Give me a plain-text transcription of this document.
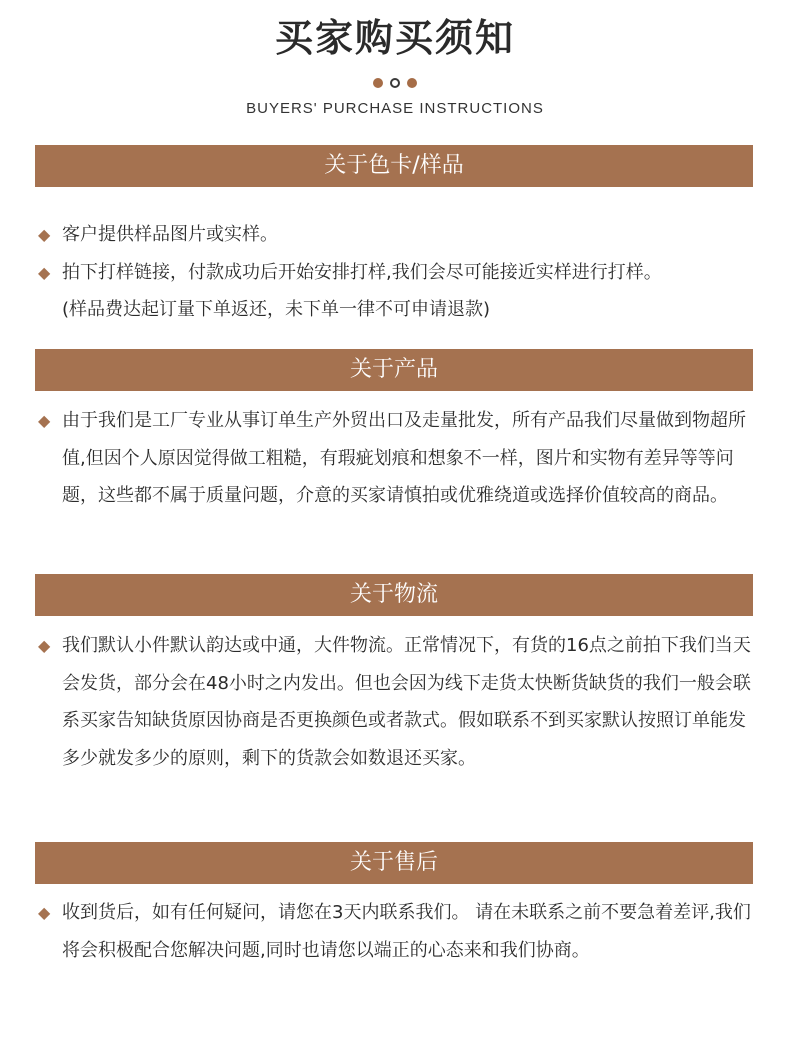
买家购买须知
BUYERS' PURCHASE INSTRUCTIONS
关于色卡/样品
◆ 客户提供样品图片或实样。
◆ 拍下打样链接，付款成功后开始安排打样,我们会尽可能接近实样进行打样。
(样品费达起订量下单返还，未下单一律不可申请退款)
关于产品
◆ 由于我们是工厂专业从事订单生产外贸出口及走量批发，所有产品我们尽量做到物超所值,但因个人原因觉得做工粗糙，有瑕疵划痕和想象不一样，图片和实物有差异等等问题，这些都不属于质量问题，介意的买家请慎拍或优雅绕道或选择价值较高的商品。
关于物流
◆ 我们默认小件默认韵达或中通，大件物流。正常情况下，有货的16点之前拍下我们当天会发货，部分会在48小时之内发出。但也会因为线下走货太快断货缺货的我们一般会联系买家告知缺货原因协商是否更换颜色或者款式。假如联系不到买家默认按照订单能发多少就发多少的原则，剩下的货款会如数退还买家。
关于售后
◆ 收到货后，如有任何疑问，请您在3天内联系我们。 请在未联系之前不要急着差评,我们将会积极配合您解决问题,同时也请您以端正的心态来和我们协商。
